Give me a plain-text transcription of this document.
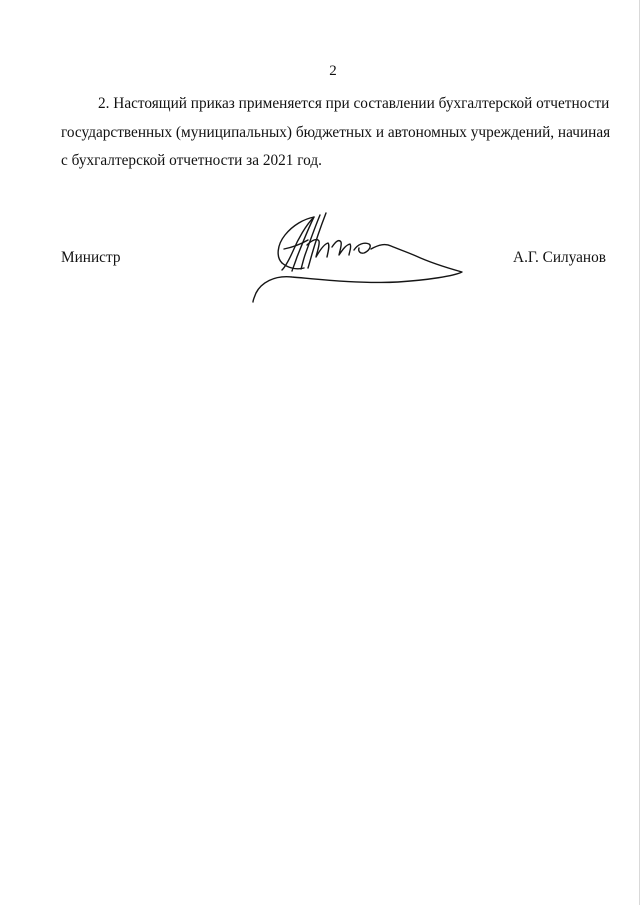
2
2. Настоящий приказ применяется при составлении бухгалтерской отчетности
государственных (муниципальных) бюджетных и автономных учреждений, начиная
с бухгалтерской отчетности за 2021 год.
Министр	А.Г. Силуанов
